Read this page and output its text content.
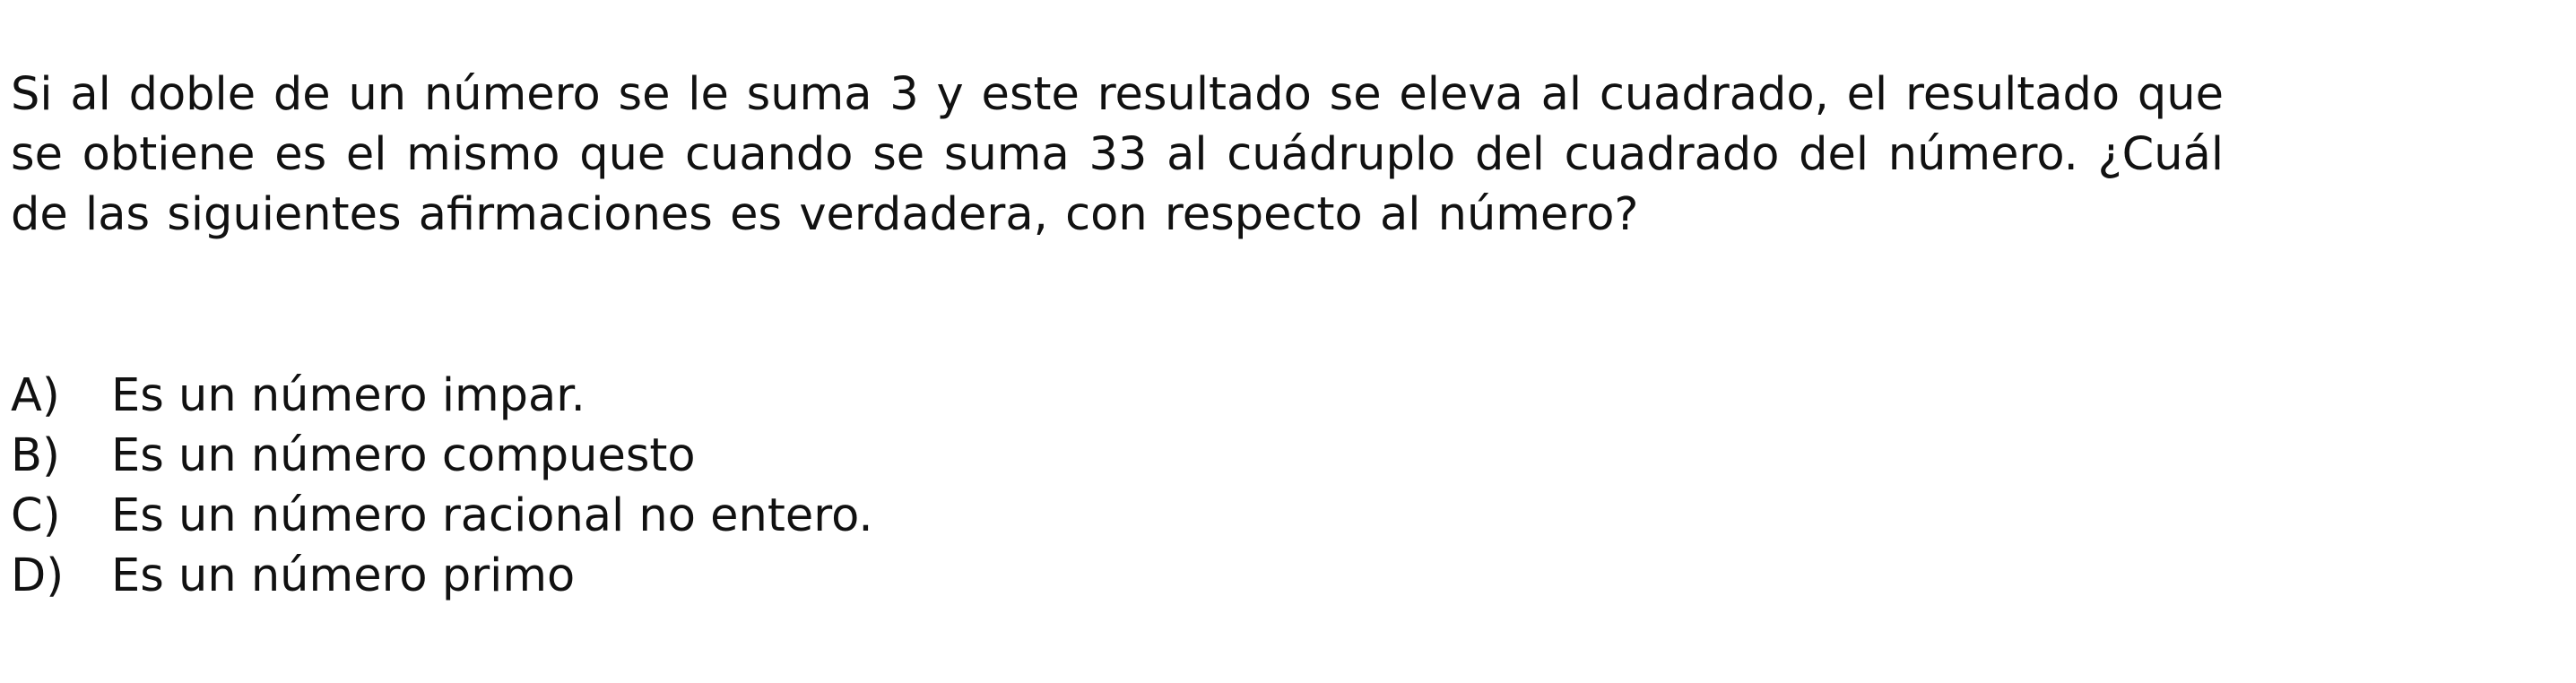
Si al doble de un número se le suma 3 y este resultado se eleva al cuadrado, el resultado que se obtiene es el mismo que cuando se suma 33 al cuádruplo del cuadrado del número. ¿Cuál de las siguientes afirmaciones es verdadera, con respecto al número?

A)	Es un número impar.
B)	Es un número compuesto
C)	Es un número racional no entero.
D)	Es un número primo
